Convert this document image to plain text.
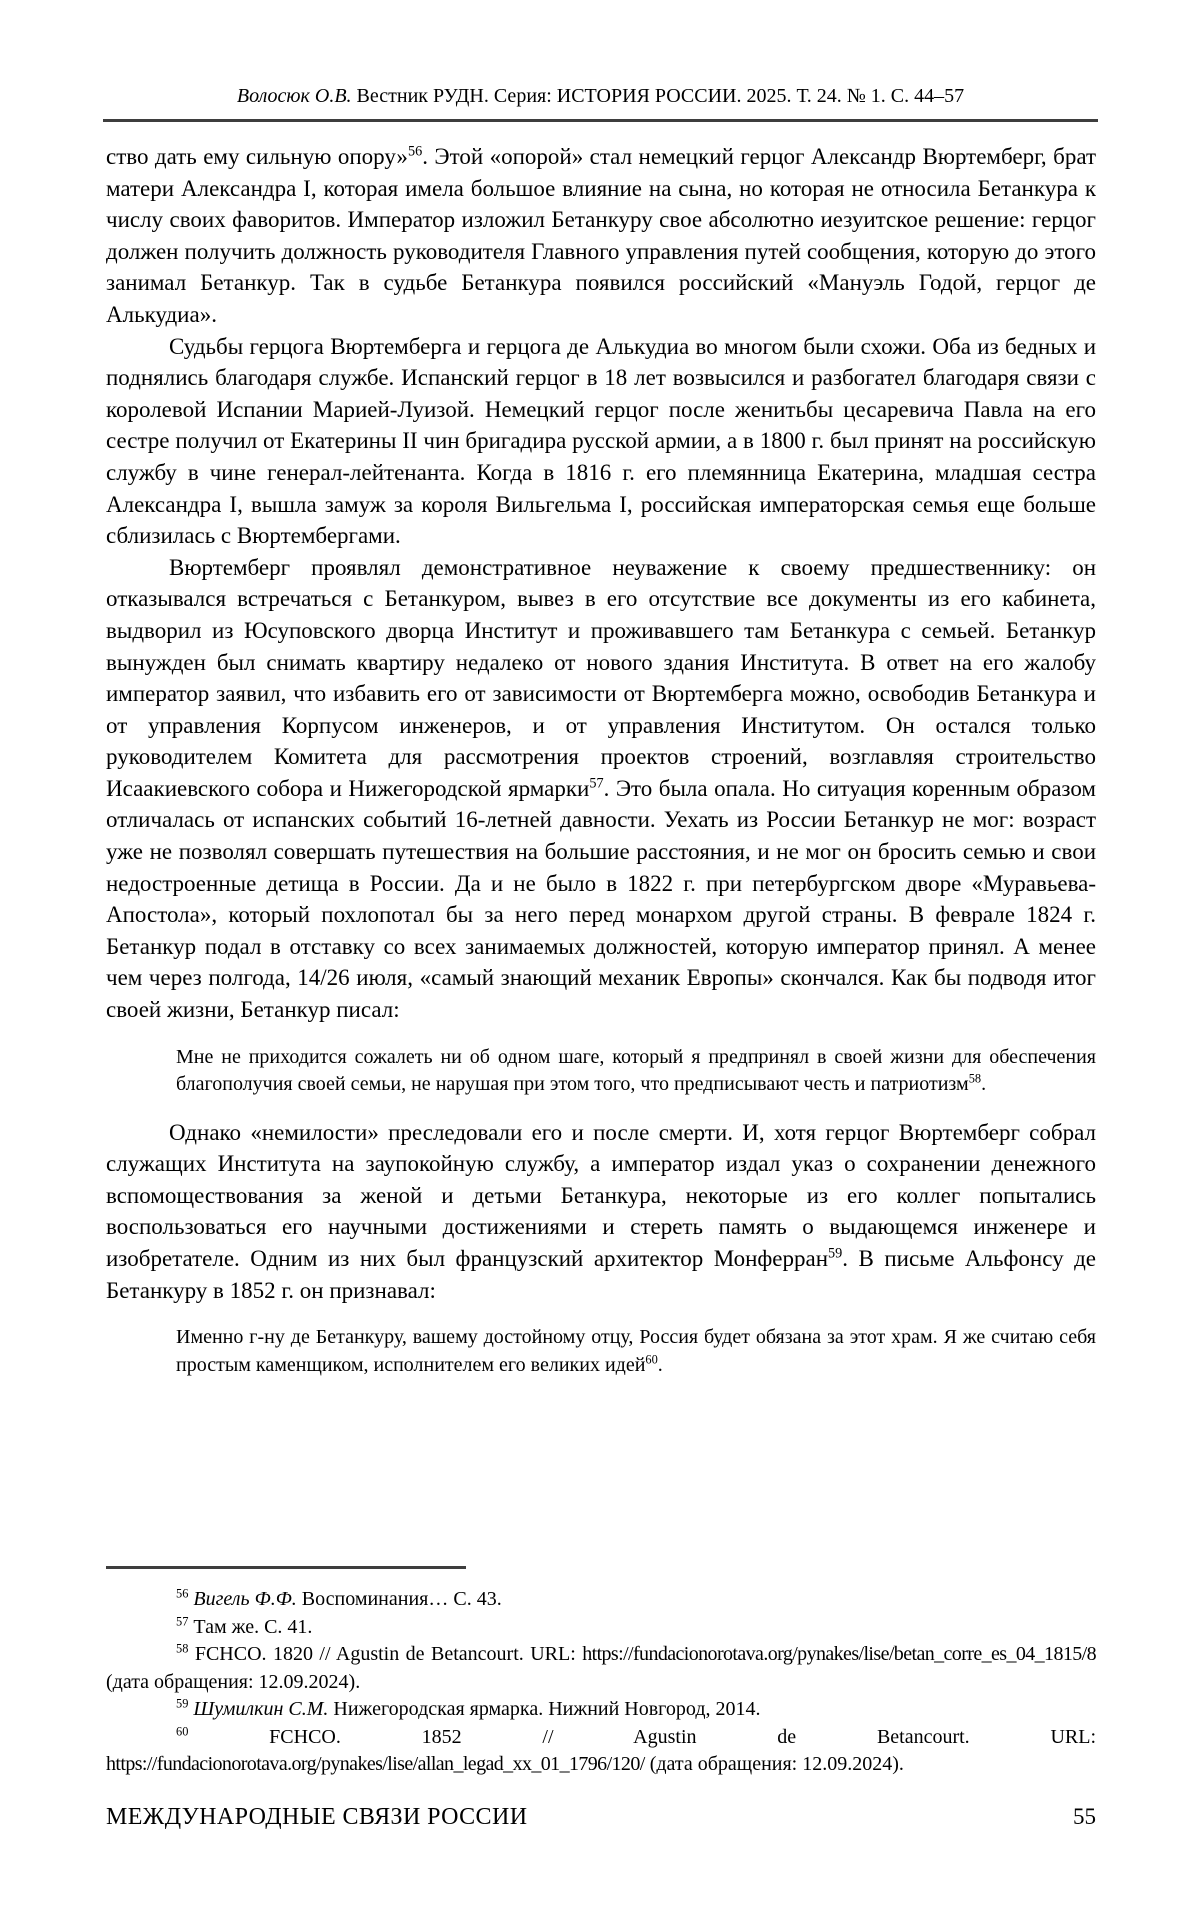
Волосюк О.В. Вестник РУДН. Серия: ИСТОРИЯ РОССИИ. 2025. Т. 24. № 1. С. 44–57

ство дать ему сильную опору»$^{56}$. Этой «опорой» стал немецкий герцог Александр Вюртемберг, брат матери Александра I, которая имела большое влияние на сына, но которая не относила Бетанкура к числу своих фаворитов. Император изложил Бетанкуру свое абсолютно иезуитское решение: герцог должен получить должность руководителя Главного управления путей сообщения, которую до этого занимал Бетанкур. Так в судьбе Бетанкура появился российский «Мануэль Годой, герцог де Алькудиа».

Судьбы герцога Вюртемберга и герцога де Алькудиа во многом были схожи. Оба из бедных и поднялись благодаря службе. Испанский герцог в 18 лет возвысился и разбогател благодаря связи с королевой Испании Марией-Луизой. Немецкий герцог после женитьбы цесаревича Павла на его сестре получил от Екатерины II чин бригадира русской армии, а в 1800 г. был принят на российскую службу в чине генерал-лейтенанта. Когда в 1816 г. его племянница Екатерина, младшая сестра Александра I, вышла замуж за короля Вильгельма I, российская императорская семья еще больше сблизилась с Вюртембергами.

Вюртемберг проявлял демонстративное неуважение к своему предшественнику: он отказывался встречаться с Бетанкуром, вывез в его отсутствие все документы из его кабинета, выдворил из Юсуповского дворца Институт и проживавшего там Бетанкура с семьей. Бетанкур вынужден был снимать квартиру недалеко от нового здания Института. В ответ на его жалобу император заявил, что избавить его от зависимости от Вюртемберга можно, освободив Бетанкура и от управления Корпусом инженеров, и от управления Институтом. Он остался только руководителем Комитета для рассмотрения проектов строений, возглавляя строительство Исаакиевского собора и Нижегородской ярмарки$^{57}$. Это была опала. Но ситуация коренным образом отличалась от испанских событий 16-летней давности. Уехать из России Бетанкур не мог: возраст уже не позволял совершать путешествия на большие расстояния, и не мог он бросить семью и свои недостроенные детища в России. Да и не было в 1822 г. при петербургском дворе «Муравьева-Апостола», который похлопотал бы за него перед монархом другой страны. В феврале 1824 г. Бетанкур подал в отставку со всех занимаемых должностей, которую император принял. А менее чем через полгода, 14/26 июля, «самый знающий механик Европы» скончался. Как бы подводя итог своей жизни, Бетанкур писал:

Мне не приходится сожалеть ни об одном шаге, который я предпринял в своей жизни для обеспечения благополучия своей семьи, не нарушая при этом того, что предписывают честь и патриотизм$^{58}$.

Однако «немилости» преследовали его и после смерти. И, хотя герцог Вюртемберг собрал служащих Института на заупокойную службу, а император издал указ о сохранении денежного вспомоществования за женой и детьми Бетанкура, некоторые из его коллег попытались воспользоваться его научными достижениями и стереть память о выдающемся инженере и изобретателе. Одним из них был французский архитектор Монферран$^{59}$. В письме Альфонсу де Бетанкуру в 1852 г. он признавал:

Именно г-ну де Бетанкуру, вашему достойному отцу, Россия будет обязана за этот храм. Я же считаю себя простым каменщиком, исполнителем его великих идей$^{60}$.

$^{56}$ Вигель Ф.Ф. Воспоминания… С. 43.

$^{57}$ Там же. С. 41.

$^{58}$ FCHCO. 1820 // Agustin de Betancourt. URL: https://fundacionorotava.org/pynakes/lise/betan_corre_es_04_1815/8 (дата обращения: 12.09.2024).

$^{59}$ Шумилкин С.М. Нижегородская ярмарка. Нижний Новгород, 2014.

$^{60}$	FCHCO. 1852 // Agustin de Betancourt. URL: https://fundacionorotava.org/pynakes/lise/allan_legad_xx_01_1796/120/ (дата обращения: 12.09.2024).

МЕЖДУНАРОДНЫЕ СВЯЗИ РОССИИ	55
